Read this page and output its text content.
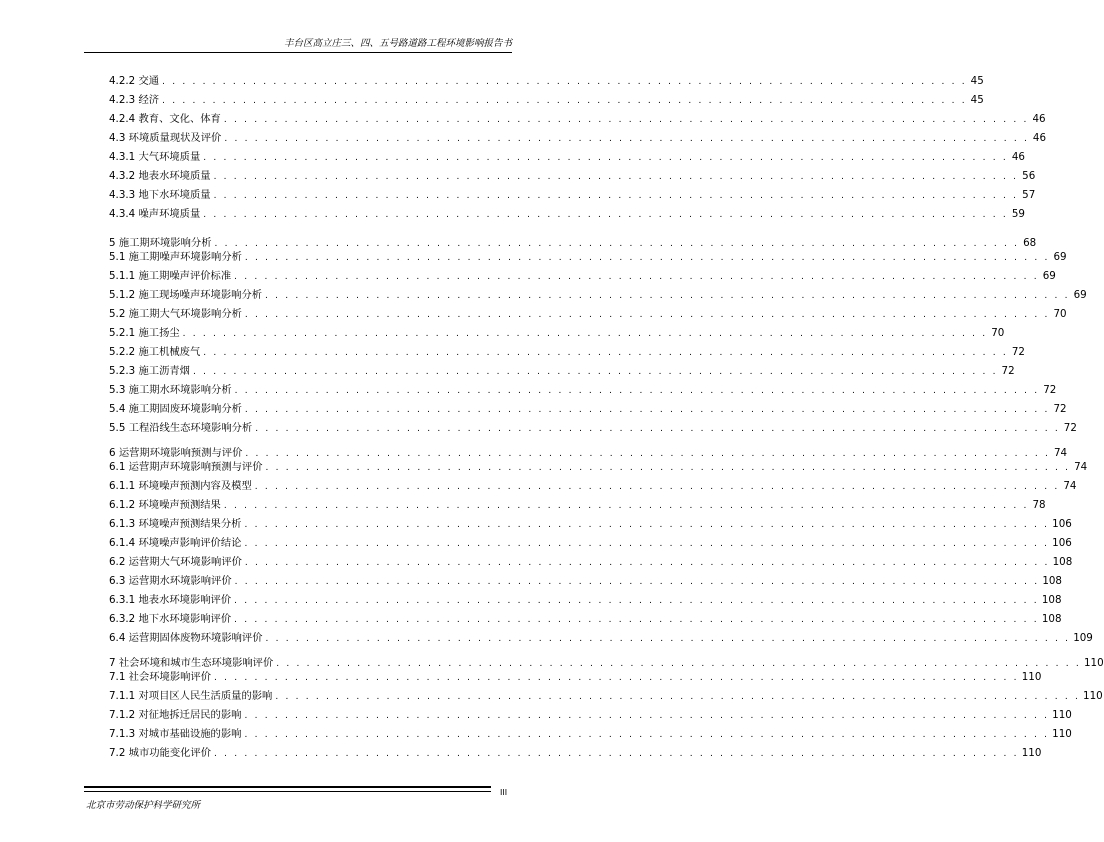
丰台区高立庄三、四、五号路道路工程环境影响报告书
4.2.2 交通 . . . . . . . . . . . . . . . . . . . . . . . . . . . . . . . . . . . . . . . . . . . . . . . . . . . . . . . . . . . . . . . . . . . . . . . . . . . . . . . . 45
4.2.3 经济 . . . . . . . . . . . . . . . . . . . . . . . . . . . . . . . . . . . . . . . . . . . . . . . . . . . . . . . . . . . . . . . . . . . . . . . . . . . . . . . . 45
4.2.4 教育、文化、体育 . . . . . . . . . . . . . . . . . . . . . . . . . . . . . . . . . . . . . . . . . . . . . . . . . . . . . . . . . . . . . . . . . . . . . . . . . . . . . . . . 46
4.3 环境质量现状及评价 . . . . . . . . . . . . . . . . . . . . . . . . . . . . . . . . . . . . . . . . . . . . . . . . . . . . . . . . . . . . . . . . . . . . . . . . . . . . . . . . 46
4.3.1 大气环境质量 . . . . . . . . . . . . . . . . . . . . . . . . . . . . . . . . . . . . . . . . . . . . . . . . . . . . . . . . . . . . . . . . . . . . . . . . . . . . . . . . 46
4.3.2 地表水环境质量 . . . . . . . . . . . . . . . . . . . . . . . . . . . . . . . . . . . . . . . . . . . . . . . . . . . . . . . . . . . . . . . . . . . . . . . . . . . . . . . . 56
4.3.3 地下水环境质量 . . . . . . . . . . . . . . . . . . . . . . . . . . . . . . . . . . . . . . . . . . . . . . . . . . . . . . . . . . . . . . . . . . . . . . . . . . . . . . . . 57
4.3.4 噪声环境质量 . . . . . . . . . . . . . . . . . . . . . . . . . . . . . . . . . . . . . . . . . . . . . . . . . . . . . . . . . . . . . . . . . . . . . . . . . . . . . . . . 59
5 施工期环境影响分析 . . . . . . . . . . . . . . . . . . . . . . . . . . . . . . . . . . . . . . . . . . . . . . . . . . . . . . . . . . . . . . . . . . . . . . . . . . . . . . . . 68
5.1 施工期噪声环境影响分析 . . . . . . . . . . . . . . . . . . . . . . . . . . . . . . . . . . . . . . . . . . . . . . . . . . . . . . . . . . . . . . . . . . . . . . . . . . . . . . . . 69
5.1.1 施工期噪声评价标准 . . . . . . . . . . . . . . . . . . . . . . . . . . . . . . . . . . . . . . . . . . . . . . . . . . . . . . . . . . . . . . . . . . . . . . . . . . . . . . . . 69
5.1.2 施工现场噪声环境影响分析 . . . . . . . . . . . . . . . . . . . . . . . . . . . . . . . . . . . . . . . . . . . . . . . . . . . . . . . . . . . . . . . . . . . . . . . . . . . . . . . . 69
5.2 施工期大气环境影响分析 . . . . . . . . . . . . . . . . . . . . . . . . . . . . . . . . . . . . . . . . . . . . . . . . . . . . . . . . . . . . . . . . . . . . . . . . . . . . . . . . 70
5.2.1 施工扬尘 . . . . . . . . . . . . . . . . . . . . . . . . . . . . . . . . . . . . . . . . . . . . . . . . . . . . . . . . . . . . . . . . . . . . . . . . . . . . . . . . 70
5.2.2 施工机械废气 . . . . . . . . . . . . . . . . . . . . . . . . . . . . . . . . . . . . . . . . . . . . . . . . . . . . . . . . . . . . . . . . . . . . . . . . . . . . . . . . 72
5.2.3 施工沥青烟 . . . . . . . . . . . . . . . . . . . . . . . . . . . . . . . . . . . . . . . . . . . . . . . . . . . . . . . . . . . . . . . . . . . . . . . . . . . . . . . . 72
5.3 施工期水环境影响分析 . . . . . . . . . . . . . . . . . . . . . . . . . . . . . . . . . . . . . . . . . . . . . . . . . . . . . . . . . . . . . . . . . . . . . . . . . . . . . . . . 72
5.4 施工期固废环境影响分析 . . . . . . . . . . . . . . . . . . . . . . . . . . . . . . . . . . . . . . . . . . . . . . . . . . . . . . . . . . . . . . . . . . . . . . . . . . . . . . . . 72
5.5 工程沿线生态环境影响分析 . . . . . . . . . . . . . . . . . . . . . . . . . . . . . . . . . . . . . . . . . . . . . . . . . . . . . . . . . . . . . . . . . . . . . . . . . . . . . . . . 72
6 运营期环境影响预测与评价 . . . . . . . . . . . . . . . . . . . . . . . . . . . . . . . . . . . . . . . . . . . . . . . . . . . . . . . . . . . . . . . . . . . . . . . . . . . . . . . . 74
6.1 运营期声环境影响预测与评价 . . . . . . . . . . . . . . . . . . . . . . . . . . . . . . . . . . . . . . . . . . . . . . . . . . . . . . . . . . . . . . . . . . . . . . . . . . . . . . . . 74
6.1.1 环境噪声预测内容及模型 . . . . . . . . . . . . . . . . . . . . . . . . . . . . . . . . . . . . . . . . . . . . . . . . . . . . . . . . . . . . . . . . . . . . . . . . . . . . . . . . 74
6.1.2 环境噪声预测结果 . . . . . . . . . . . . . . . . . . . . . . . . . . . . . . . . . . . . . . . . . . . . . . . . . . . . . . . . . . . . . . . . . . . . . . . . . . . . . . . . 78
6.1.3 环境噪声预测结果分析 . . . . . . . . . . . . . . . . . . . . . . . . . . . . . . . . . . . . . . . . . . . . . . . . . . . . . . . . . . . . . . . . . . . . . . . . . . . . . . . . 106
6.1.4 环境噪声影响评价结论 . . . . . . . . . . . . . . . . . . . . . . . . . . . . . . . . . . . . . . . . . . . . . . . . . . . . . . . . . . . . . . . . . . . . . . . . . . . . . . . . 106
6.2 运营期大气环境影响评价 . . . . . . . . . . . . . . . . . . . . . . . . . . . . . . . . . . . . . . . . . . . . . . . . . . . . . . . . . . . . . . . . . . . . . . . . . . . . . . . . 108
6.3 运营期水环境影响评价 . . . . . . . . . . . . . . . . . . . . . . . . . . . . . . . . . . . . . . . . . . . . . . . . . . . . . . . . . . . . . . . . . . . . . . . . . . . . . . . . 108
6.3.1 地表水环境影响评价 . . . . . . . . . . . . . . . . . . . . . . . . . . . . . . . . . . . . . . . . . . . . . . . . . . . . . . . . . . . . . . . . . . . . . . . . . . . . . . . . 108
6.3.2 地下水环境影响评价 . . . . . . . . . . . . . . . . . . . . . . . . . . . . . . . . . . . . . . . . . . . . . . . . . . . . . . . . . . . . . . . . . . . . . . . . . . . . . . . . 108
6.4 运营期固体废物环境影响评价 . . . . . . . . . . . . . . . . . . . . . . . . . . . . . . . . . . . . . . . . . . . . . . . . . . . . . . . . . . . . . . . . . . . . . . . . . . . . . . . . 109
7 社会环境和城市生态环境影响评价 . . . . . . . . . . . . . . . . . . . . . . . . . . . . . . . . . . . . . . . . . . . . . . . . . . . . . . . . . . . . . . . . . . . . . . . . . . . . . . . . 110
7.1 社会环境影响评价 . . . . . . . . . . . . . . . . . . . . . . . . . . . . . . . . . . . . . . . . . . . . . . . . . . . . . . . . . . . . . . . . . . . . . . . . . . . . . . . . 110
7.1.1 对项目区人民生活质量的影响 . . . . . . . . . . . . . . . . . . . . . . . . . . . . . . . . . . . . . . . . . . . . . . . . . . . . . . . . . . . . . . . . . . . . . . . . . . . . . . . . 110
7.1.2 对征地拆迁居民的影响 . . . . . . . . . . . . . . . . . . . . . . . . . . . . . . . . . . . . . . . . . . . . . . . . . . . . . . . . . . . . . . . . . . . . . . . . . . . . . . . . 110
7.1.3 对城市基础设施的影响 . . . . . . . . . . . . . . . . . . . . . . . . . . . . . . . . . . . . . . . . . . . . . . . . . . . . . . . . . . . . . . . . . . . . . . . . . . . . . . . . 110
7.2 城市功能变化评价 . . . . . . . . . . . . . . . . . . . . . . . . . . . . . . . . . . . . . . . . . . . . . . . . . . . . . . . . . . . . . . . . . . . . . . . . . . . . . . . . 110
北京市劳动保护科学研究所
III
